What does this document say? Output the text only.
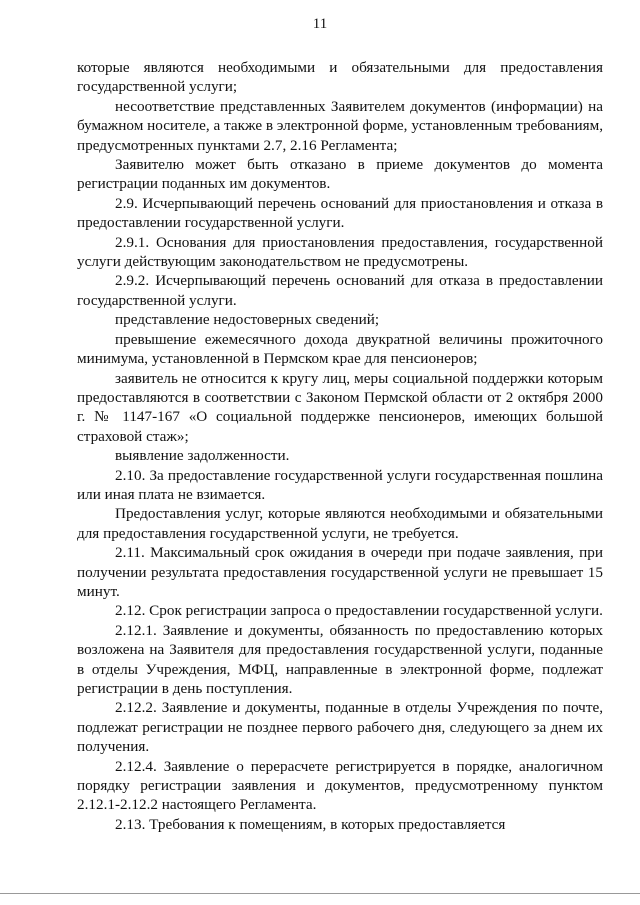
11

которые являются необходимыми и обязательными для предоставления государственной услуги;

несоответствие представленных Заявителем документов (информации) на бумажном носителе, а также в электронной форме, установленным требованиям, предусмотренных пунктами 2.7, 2.16 Регламента;

Заявителю может быть отказано в приеме документов до момента регистрации поданных им документов.

2.9. Исчерпывающий перечень оснований для приостановления и отказа в предоставлении государственной услуги.

2.9.1. Основания для приостановления предоставления, государственной услуги действующим законодательством не предусмотрены.

2.9.2. Исчерпывающий перечень оснований для отказа в предоставлении государственной услуги.

представление недостоверных сведений;

превышение ежемесячного дохода двукратной величины прожиточного минимума, установленной в Пермском крае для пенсионеров;

заявитель не относится к кругу лиц, меры социальной поддержки которым предоставляются в соответствии с Законом Пермской области от 2 октября 2000 г. № 1147-167 «О социальной поддержке пенсионеров, имеющих большой страховой стаж»;

выявление задолженности.

2.10. За предоставление государственной услуги государственная пошлина или иная плата не взимается.

Предоставления услуг, которые являются необходимыми и обязательными для предоставления государственной услуги, не требуется.

2.11. Максимальный срок ожидания в очереди при подаче заявления, при получении результата предоставления государственной услуги не превышает 15 минут.

2.12. Срок регистрации запроса о предоставлении государственной услуги.

2.12.1. Заявление и документы, обязанность по предоставлению которых возложена на Заявителя для предоставления государственной услуги, поданные в отделы Учреждения, МФЦ, направленные в электронной форме, подлежат регистрации в день поступления.

2.12.2. Заявление и документы, поданные в отделы Учреждения по почте, подлежат регистрации не позднее первого рабочего дня, следующего за днем их получения.

2.12.4. Заявление о перерасчете регистрируется в порядке, аналогичном порядку регистрации заявления и документов, предусмотренному пунктом 2.12.1-2.12.2 настоящего Регламента.

2.13. Требования к помещениям, в которых предоставляется
